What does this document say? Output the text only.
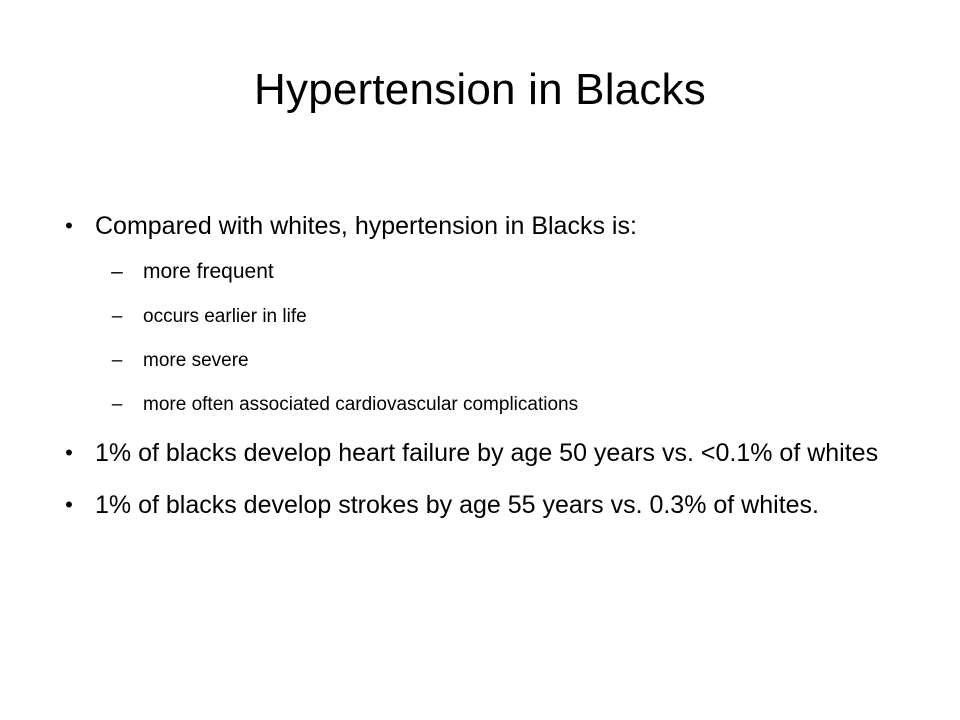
Hypertension in Blacks
• Compared with whites, hypertension in Blacks is:
– more frequent
–	occurs earlier in life
–	more severe
–	more often associated cardiovascular complications
• 1% of blacks develop heart failure by age 50 years vs. <0.1% of whites
• 1% of blacks develop strokes by age 55 years vs. 0.3% of whites.
